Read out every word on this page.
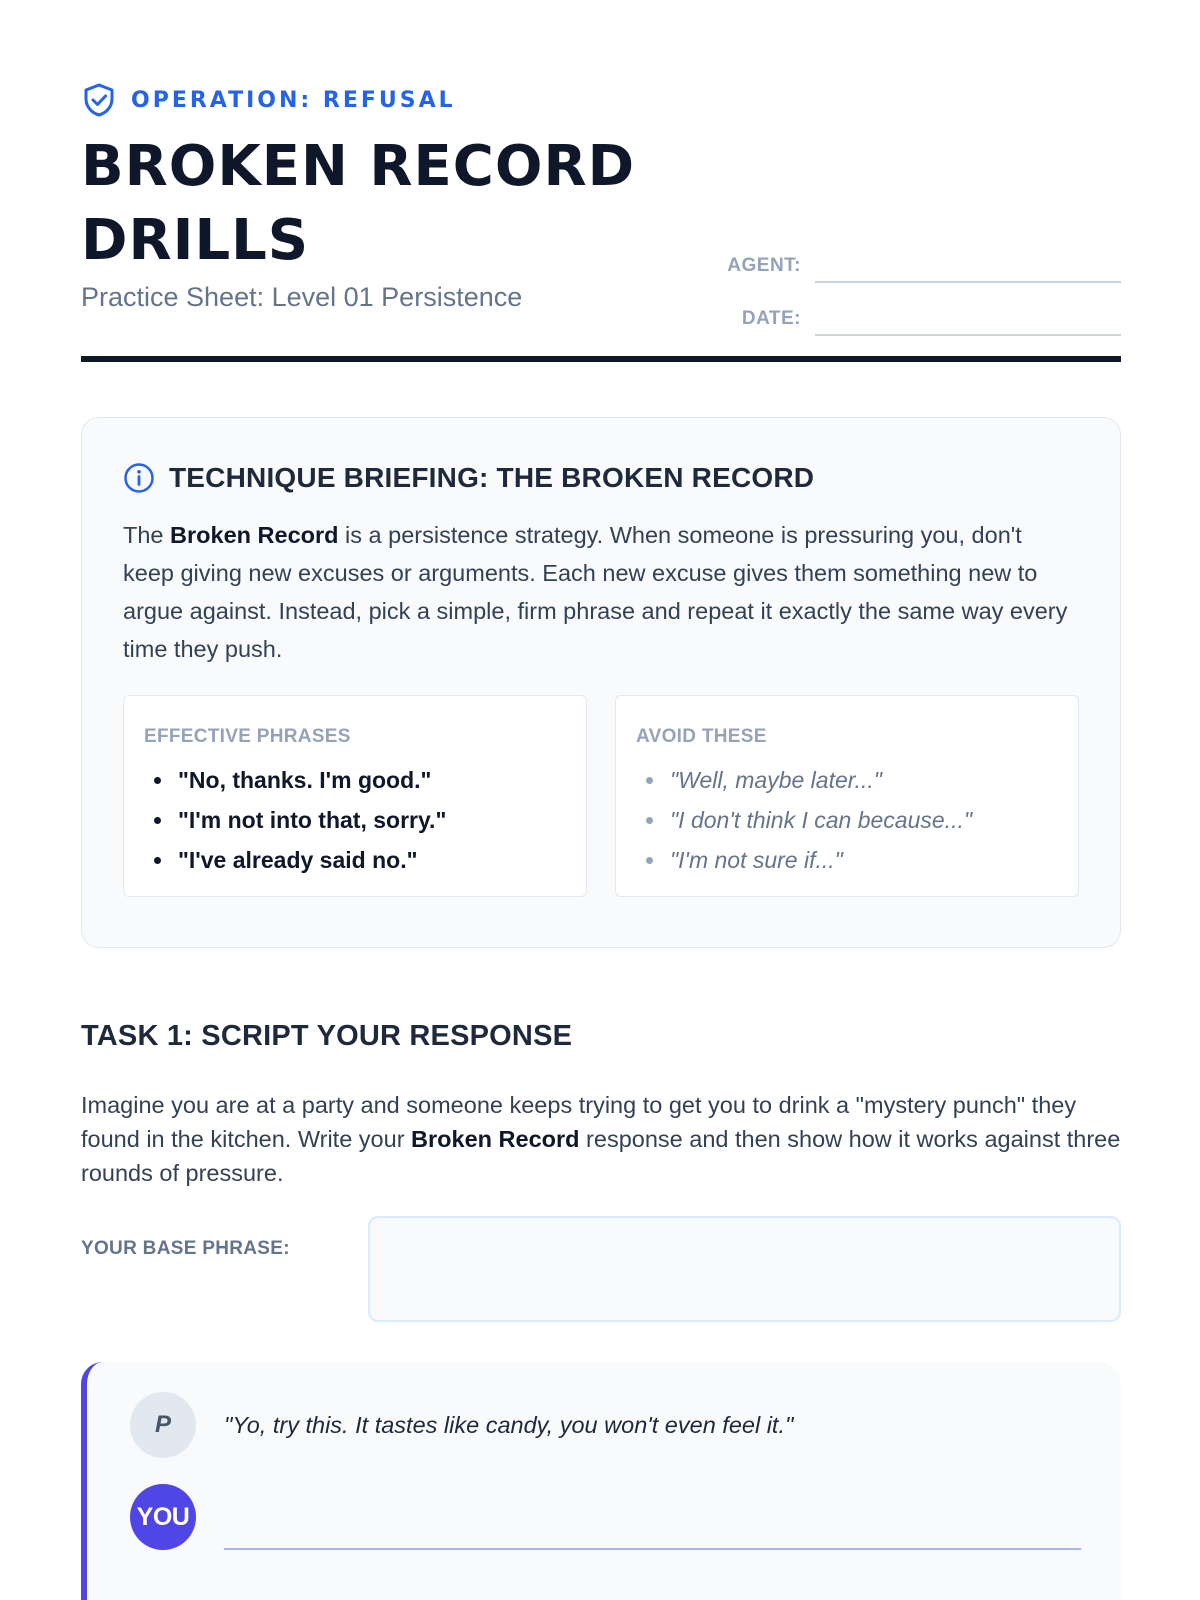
OPERATION: REFUSAL
BROKEN RECORD
DRILLS
Practice Sheet: Level 01 Persistence
AGENT:
DATE:
TECHNIQUE BRIEFING: THE BROKEN RECORD

The Broken Record is a persistence strategy. When someone is pressuring you, don't keep giving new excuses or arguments. Each new excuse gives them something new to argue against. Instead, pick a simple, firm phrase and repeat it exactly the same way every time they push.

EFFECTIVE PHRASES
"No, thanks. I'm good."
"I'm not into that, sorry."
"I've already said no."
AVOID THESE
"Well, maybe later..."
"I don't think I can because..."
"I'm not sure if..."
TASK 1: SCRIPT YOUR RESPONSE

Imagine you are at a party and someone keeps trying to get you to drink a "mystery punch" they found in the kitchen. Write your Broken Record response and then show how it works against three rounds of pressure.

YOUR BASE PHRASE:
P	"Yo, try this. It tastes like candy, you won't even feel it."
YOU
